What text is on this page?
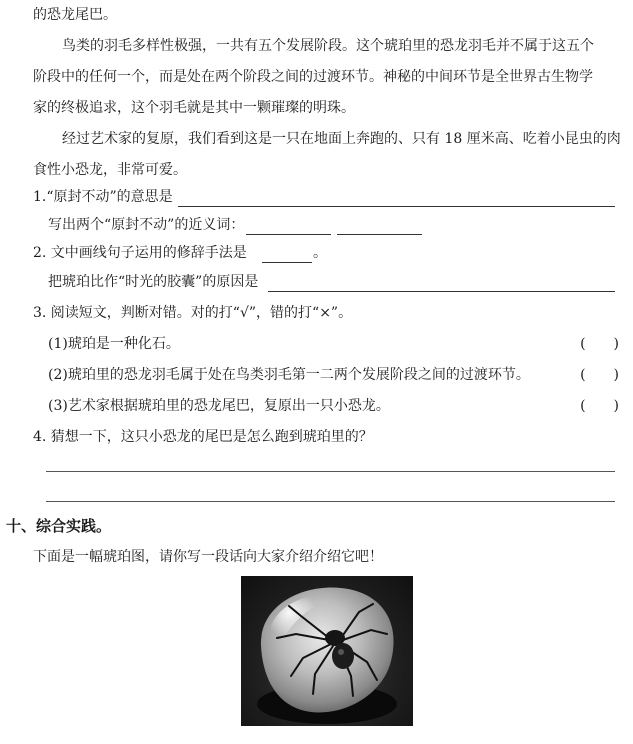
的恐龙尾巴。
鸟类的羽毛多样性极强，一共有五个发展阶段。这个琥珀里的恐龙羽毛并不属于这五个
阶段中的任何一个，而是处在两个阶段之间的过渡环节。神秘的中间环节是全世界古生物学
家的终极追求，这个羽毛就是其中一颗璀璨的明珠。
经过艺术家的复原，我们看到这是一只在地面上奔跑的、只有 18 厘米高、吃着小昆虫的肉
食性小恐龙，非常可爱。
1.“原封不动”的意思是
写出两个“原封不动”的近义词：
2. 文中画线句子运用的修辞手法是	。
把琥珀比作“时光的胶囊”的原因是
3. 阅读短文，判断对错。对的打“√”，错的打“×”。
(1)琥珀是一种化石。	(　　)
(2)琥珀里的恐龙羽毛属于处在鸟类羽毛第一二两个发展阶段之间的过渡环节。	(　　)
(3)艺术家根据琥珀里的恐龙尾巴，复原出一只小恐龙。	(　　)
4. 猜想一下，这只小恐龙的尾巴是怎么跑到琥珀里的？
十、综合实践。
下面是一幅琥珀图，请你写一段话向大家介绍介绍它吧！
